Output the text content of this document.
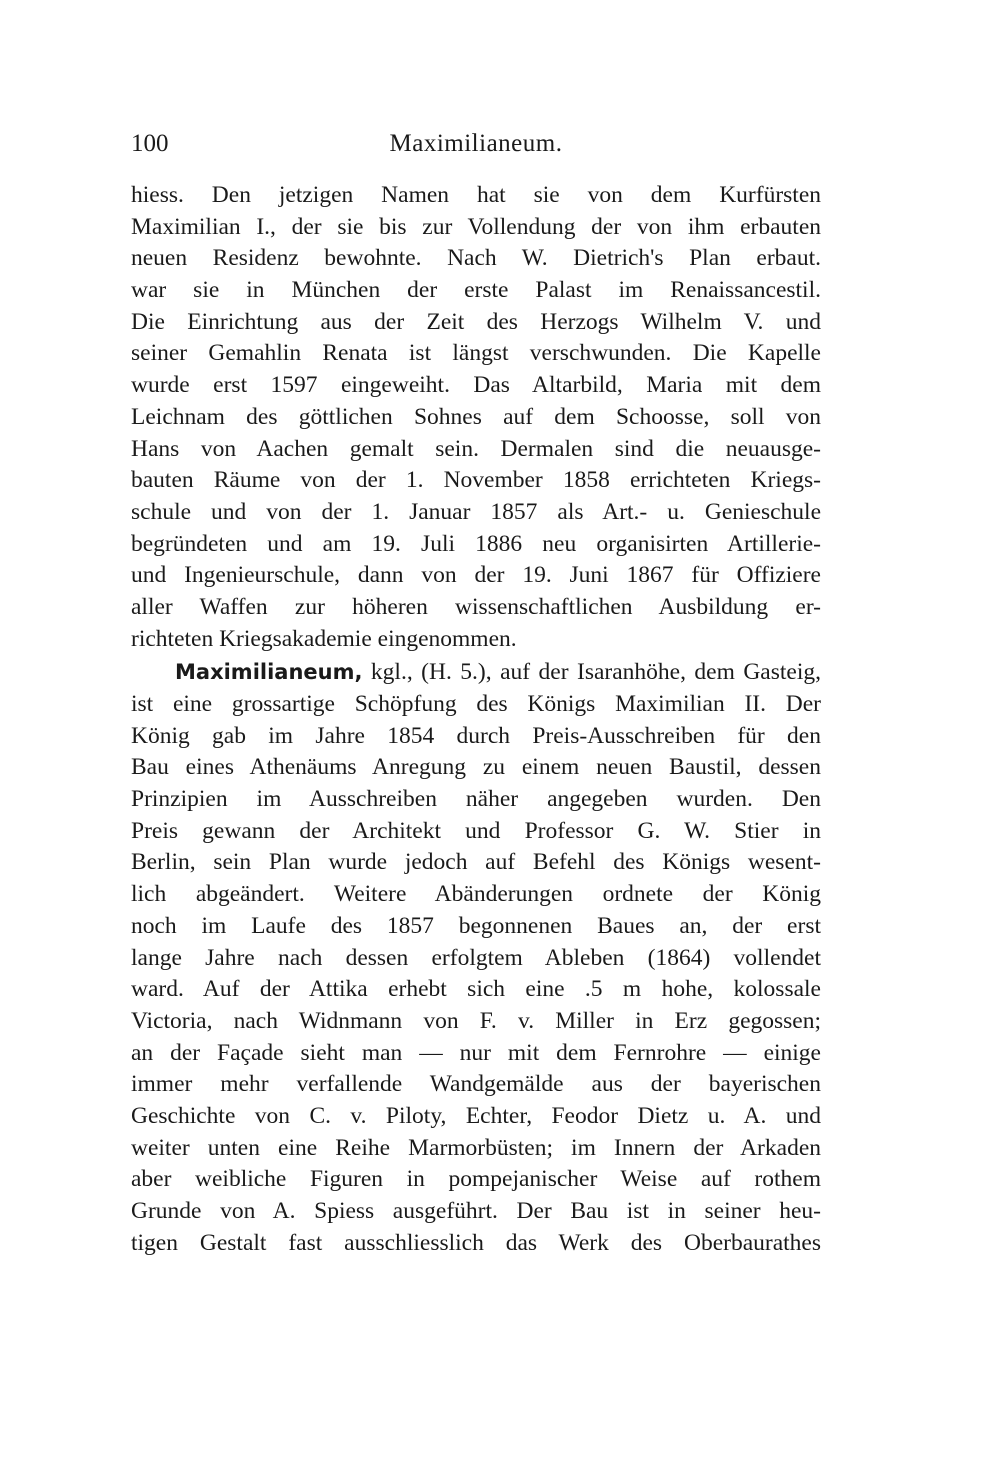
100	Maximilianeum.
hiess. Den jetzigen Namen hat sie von dem Kurfürsten
Maximilian I., der sie bis zur Vollendung der von ihm erbauten
neuen Residenz bewohnte. Nach W. Dietrich's Plan erbaut.
war sie in München der erste Palast im Renaissancestil.
Die Einrichtung aus der Zeit des Herzogs Wilhelm V. und
seiner Gemahlin Renata ist längst verschwunden. Die Kapelle
wurde erst 1597 eingeweiht. Das Altarbild, Maria mit dem
Leichnam des göttlichen Sohnes auf dem Schoosse, soll von
Hans von Aachen gemalt sein. Dermalen sind die neuausge-
bauten Räume von der 1. November 1858 errichteten Kriegs-
schule und von der 1. Januar 1857 als Art.- u. Genieschule
begründeten und am 19. Juli 1886 neu organisirten Artillerie-
und Ingenieurschule, dann von der 19. Juni 1867 für Offiziere
aller Waffen zur höheren wissenschaftlichen Ausbildung er-
richteten Kriegsakademie eingenommen.
Maximilianeum, kgl., (H. 5.), auf der Isaranhöhe, dem Gasteig,
ist eine grossartige Schöpfung des Königs Maximilian II. Der
König gab im Jahre 1854 durch Preis-Ausschreiben für den
Bau eines Athenäums Anregung zu einem neuen Baustil, dessen
Prinzipien im Ausschreiben näher angegeben wurden. Den
Preis gewann der Architekt und Professor G. W. Stier in
Berlin, sein Plan wurde jedoch auf Befehl des Königs wesent-
lich abgeändert. Weitere Abänderungen ordnete der König
noch im Laufe des 1857 begonnenen Baues an, der erst
lange Jahre nach dessen erfolgtem Ableben (1864) vollendet
ward. Auf der Attika erhebt sich eine .5 m hohe, kolossale
Victoria, nach Widnmann von F. v. Miller in Erz gegossen;
an der Façade sieht man — nur mit dem Fernrohre — einige
immer mehr verfallende Wandgemälde aus der bayerischen
Geschichte von C. v. Piloty, Echter, Feodor Dietz u. A. und
weiter unten eine Reihe Marmorbüsten; im Innern der Arkaden
aber weibliche Figuren in pompejanischer Weise auf rothem
Grunde von A. Spiess ausgeführt. Der Bau ist in seiner heu-
tigen Gestalt fast ausschliesslich das Werk des Oberbaurathes
